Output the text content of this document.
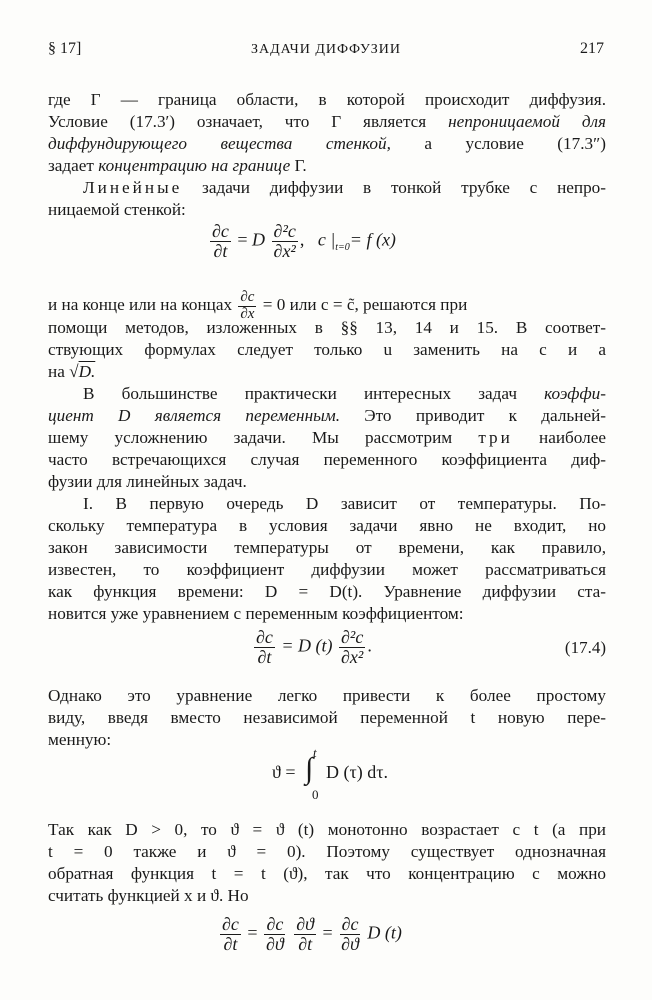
§ 17]	ЗАДАЧИ ДИФФУЗИИ	217
где Γ — граница области, в которой происходит диффузия.
Условие (17.3′) означает, что Γ является непроницаемой для
диффундирующего вещества стенкой, а условие (17.3″)
задает концентрацию на границе Γ.
Линейные задачи диффузии в тонкой трубке с непро-
ницаемой стенкой:
$\frac{\partial c}{\partial t} = D \frac{\text{∂²c}}{\text{∂x²}}$ ,   c $|_{t=0}= f$ (x)
и на конце или на концах $\frac{\partial c}{\partial x} = 0$ или c = c̃, решаются при
помощи методов, изложенных в §§ 13, 14 и 15. В соответ-
ствующих формулах следует только u заменить на c и a
на √D.
В большинстве практически интересных задач коэффи-
циент D является переменным. Это приводит к дальней-
шему усложнению задачи. Мы рассмотрим три наиболее
часто встречающихся случая переменного коэффициента диф-
фузии для линейных задач.
I. В первую очередь D зависит от температуры. По-
скольку температура в условия задачи явно не входит, но
закон зависимости температуры от времени, как правило,
известен, то коэффициент диффузии может рассматриваться
как функция времени: D = D(t). Уравнение диффузии ста-
новится уже уравнением с переменным коэффициентом:
$\frac{\partial c}{\partial t} = D$ $(t) \frac{\text{∂²c}}{\text{∂x²}}$ .	(17.4)
Однако это уравнение легко привести к более простому
виду, введя вместо независимой переменной t новую пере-
менную:
ϑ =
t
∫
0
D (τ) dτ.
Так как D > 0, то ϑ = ϑ (t) монотонно возрастает с t (а при
t = 0 также и ϑ = 0). Поэтому существует однозначная
обратная функция t = t (ϑ), так что концентрацию c можно
считать функцией x и ϑ. Но
$\frac{\partial c}{\partial t} = \frac{\partial c}{\partial ϑ}$
$\frac{\partial ϑ}{\partial t} = \frac{\partial c}{\partial ϑ}$ D (t)
